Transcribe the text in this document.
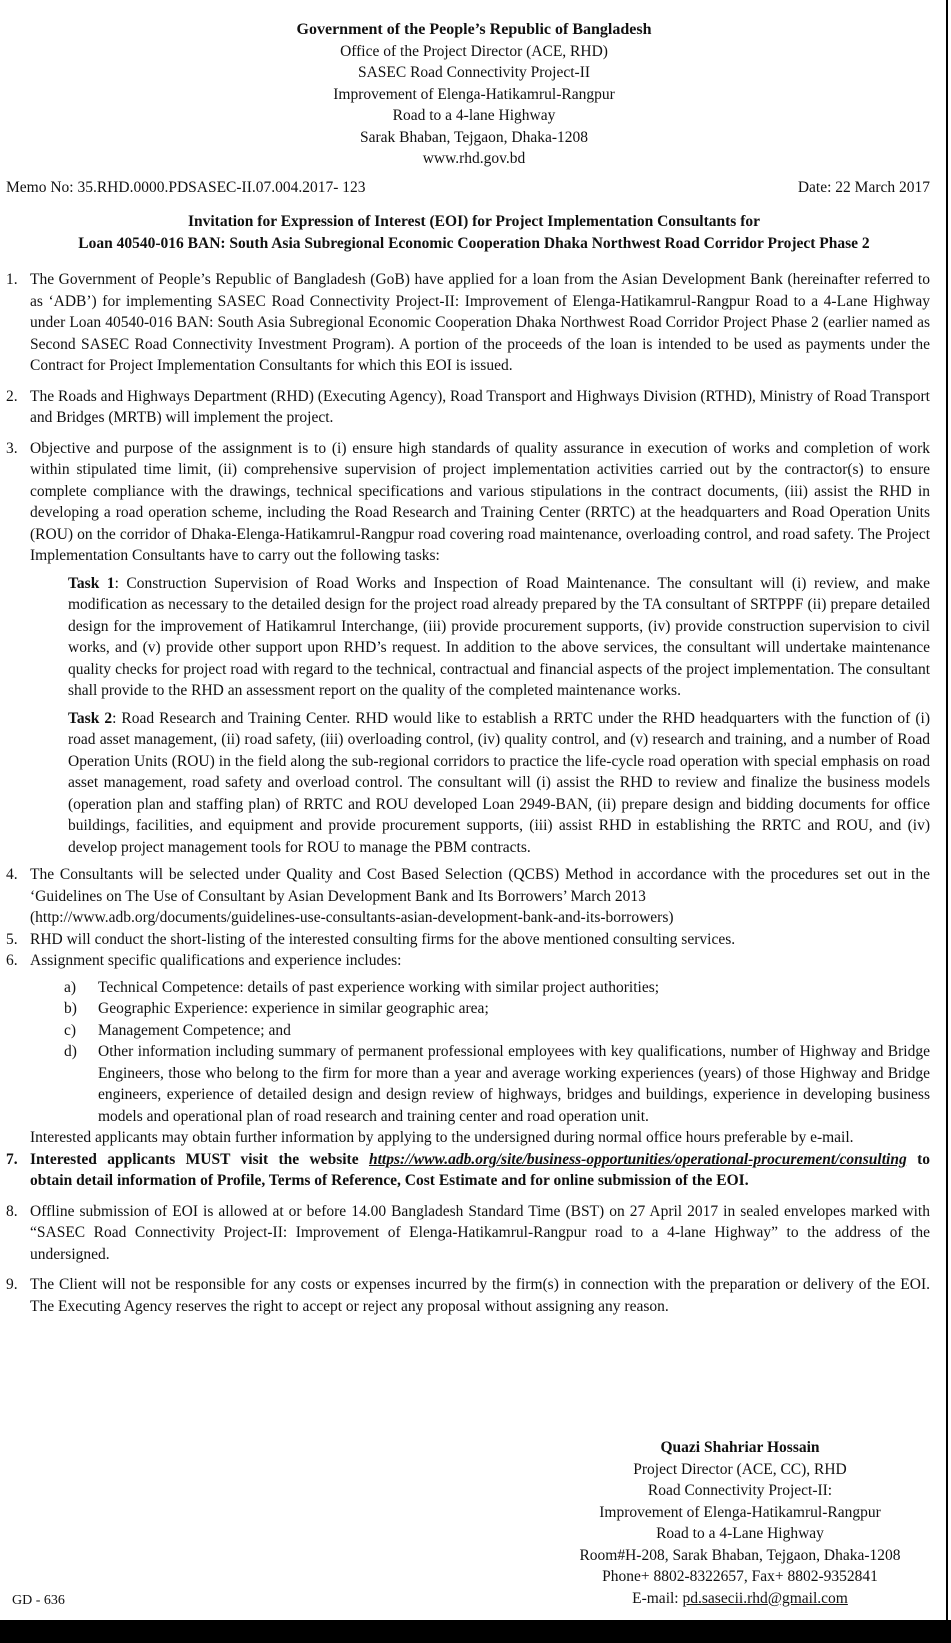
Government of the People’s Republic of Bangladesh
Office of the Project Director (ACE, RHD)
SASEC Road Connectivity Project-II
Improvement of Elenga-Hatikamrul-Rangpur
Road to a 4-lane Highway
Sarak Bhaban, Tejgaon, Dhaka-1208
www.rhd.gov.bd
Memo No: 35.RHD.0000.PDSASEC-II.07.004.2017- 123	Date: 22 March 2017
Invitation for Expression of Interest (EOI) for Project Implementation Consultants for
Loan 40540-016 BAN: South Asia Subregional Economic Cooperation Dhaka Northwest Road Corridor Project Phase 2
1. The Government of People’s Republic of Bangladesh (GoB) have applied for a loan from the Asian Development Bank (hereinafter referred to as ‘ADB’) for implementing SASEC Road Connectivity Project-II: Improvement of Elenga-Hatikamrul-Rangpur Road to a 4-Lane Highway under Loan 40540-016 BAN: South Asia Subregional Economic Cooperation Dhaka Northwest Road Corridor Project Phase 2 (earlier named as Second SASEC Road Connectivity Investment Program). A portion of the proceeds of the loan is intended to be used as payments under the Contract for Project Implementation Consultants for which this EOI is issued.
2. The Roads and Highways Department (RHD) (Executing Agency), Road Transport and Highways Division (RTHD), Ministry of Road Transport and Bridges (MRTB) will implement the project.
3. Objective and purpose of the assignment is to (i) ensure high standards of quality assurance in execution of works and completion of work within stipulated time limit, (ii) comprehensive supervision of project implementation activities carried out by the contractor(s) to ensure complete compliance with the drawings, technical specifications and various stipulations in the contract documents, (iii) assist the RHD in developing a road operation scheme, including the Road Research and Training Center (RRTC) at the headquarters and Road Operation Units (ROU) on the corridor of Dhaka-Elenga-Hatikamrul-Rangpur road covering road maintenance, overloading control, and road safety. The Project Implementation Consultants have to carry out the following tasks:
Task 1: Construction Supervision of Road Works and Inspection of Road Maintenance. The consultant will (i) review, and make modification as necessary to the detailed design for the project road already prepared by the TA consultant of SRTPPF (ii) prepare detailed design for the improvement of Hatikamrul Interchange, (iii) provide procurement supports, (iv) provide construction supervision to civil works, and (v) provide other support upon RHD’s request. In addition to the above services, the consultant will undertake maintenance quality checks for project road with regard to the technical, contractual and financial aspects of the project implementation. The consultant shall provide to the RHD an assessment report on the quality of the completed maintenance works.
Task 2: Road Research and Training Center. RHD would like to establish a RRTC under the RHD headquarters with the function of (i) road asset management, (ii) road safety, (iii) overloading control, (iv) quality control, and (v) research and training, and a number of Road Operation Units (ROU) in the field along the sub-regional corridors to practice the life-cycle road operation with special emphasis on road asset management, road safety and overload control. The consultant will (i) assist the RHD to review and finalize the business models (operation plan and staffing plan) of RRTC and ROU developed Loan 2949-BAN, (ii) prepare design and bidding documents for office buildings, facilities, and equipment and provide procurement supports, (iii) assist RHD in establishing the RRTC and ROU, and (iv) develop project management tools for ROU to manage the PBM contracts.
4. The Consultants will be selected under Quality and Cost Based Selection (QCBS) Method in accordance with the procedures set out in the ‘Guidelines on The Use of Consultant by Asian Development Bank and Its Borrowers’ March 2013
(http://www.adb.org/documents/guidelines-use-consultants-asian-development-bank-and-its-borrowers)
5. RHD will conduct the short-listing of the interested consulting firms for the above mentioned consulting services.
6. Assignment specific qualifications and experience includes:
a) Technical Competence: details of past experience working with similar project authorities;
b) Geographic Experience: experience in similar geographic area;
c) Management Competence; and
d) Other information including summary of permanent professional employees with key qualifications, number of Highway and Bridge Engineers, those who belong to the firm for more than a year and average working experiences (years) of those Highway and Bridge engineers, experience of detailed design and design review of highways, bridges and buildings, experience in developing business models and operational plan of road research and training center and road operation unit.
Interested applicants may obtain further information by applying to the undersigned during normal office hours preferable by e-mail.
7. Interested applicants MUST visit the website https://www.adb.org/site/business-opportunities/operational-procurement/consulting to obtain detail information of Profile, Terms of Reference, Cost Estimate and for online submission of the EOI.
8. Offline submission of EOI is allowed at or before 14.00 Bangladesh Standard Time (BST) on 27 April 2017 in sealed envelopes marked with “SASEC Road Connectivity Project-II: Improvement of Elenga-Hatikamrul-Rangpur road to a 4-lane Highway” to the address of the undersigned.
9. The Client will not be responsible for any costs or expenses incurred by the firm(s) in connection with the preparation or delivery of the EOI. The Executing Agency reserves the right to accept or reject any proposal without assigning any reason.
Quazi Shahriar Hossain
Project Director (ACE, CC), RHD
Road Connectivity Project-II:
Improvement of Elenga-Hatikamrul-Rangpur
Road to a 4-Lane Highway
Room#H-208, Sarak Bhaban, Tejgaon, Dhaka-1208
Phone+ 8802-8322657, Fax+ 8802-9352841
E-mail: pd.sasecii.rhd@gmail.com
GD - 636
